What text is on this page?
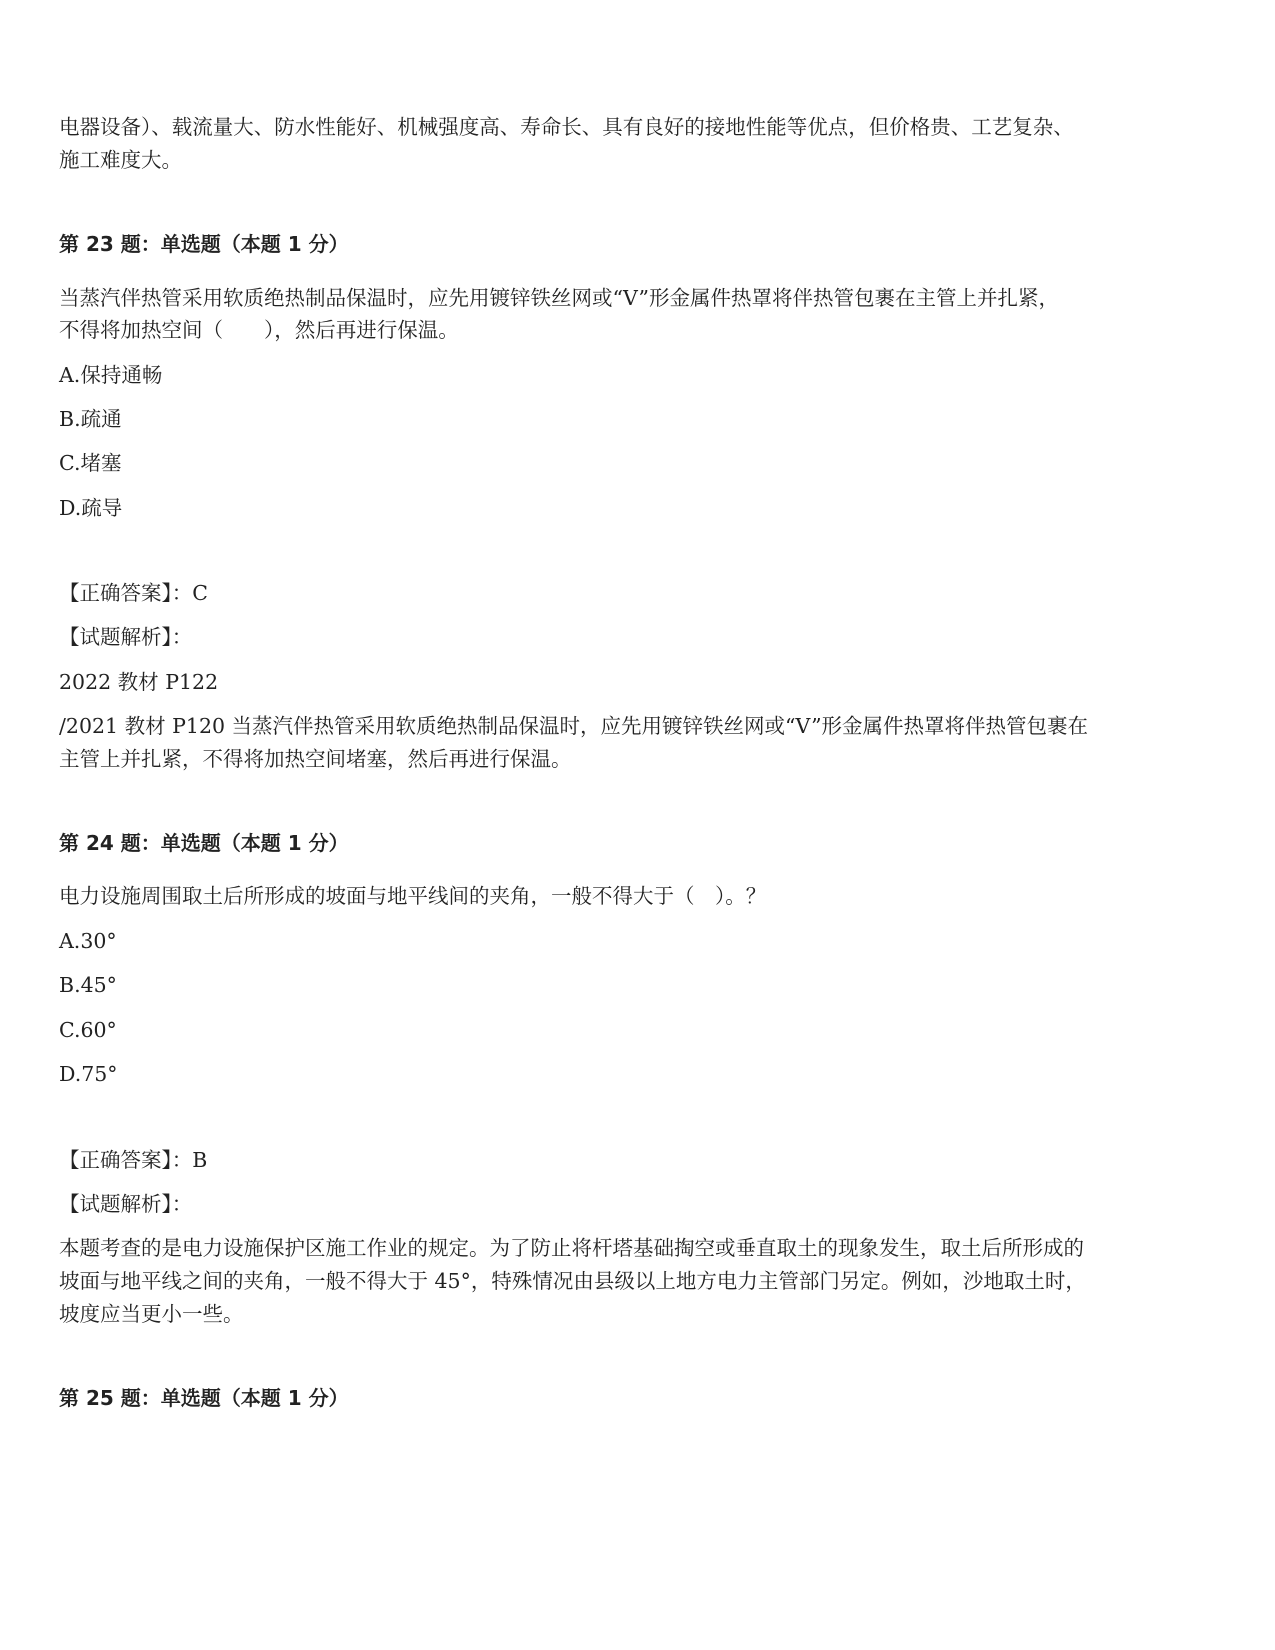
电器设备）、载流量大、防水性能好、机械强度高、寿命长、具有良好的接地性能等优点，但价格贵、工艺复杂、
施工难度大。
第 23 题：单选题（本题 1 分）
当蒸汽伴热管采用软质绝热制品保温时，应先用镀锌铁丝网或“V”形金属件热罩将伴热管包裹在主管上并扎紧，
不得将加热空间（　　），然后再进行保温。
A.保持通畅
B.疏通
C.堵塞
D.疏导
【正确答案】：C
【试题解析】：
2022 教材 P122
/2021 教材 P120 当蒸汽伴热管采用软质绝热制品保温时，应先用镀锌铁丝网或“V”形金属件热罩将伴热管包裹在
主管上并扎紧，不得将加热空间堵塞，然后再进行保温。
第 24 题：单选题（本题 1 分）
电力设施周围取土后所形成的坡面与地平线间的夹角，一般不得大于（　）。？
A.30°
B.45°
C.60°
D.75°
【正确答案】：B
【试题解析】：
本题考查的是电力设施保护区施工作业的规定。为了防止将杆塔基础掏空或垂直取土的现象发生，取土后所形成的
坡面与地平线之间的夹角，一般不得大于 45°，特殊情况由县级以上地方电力主管部门另定。例如，沙地取土时，
坡度应当更小一些。
第 25 题：单选题（本题 1 分）
